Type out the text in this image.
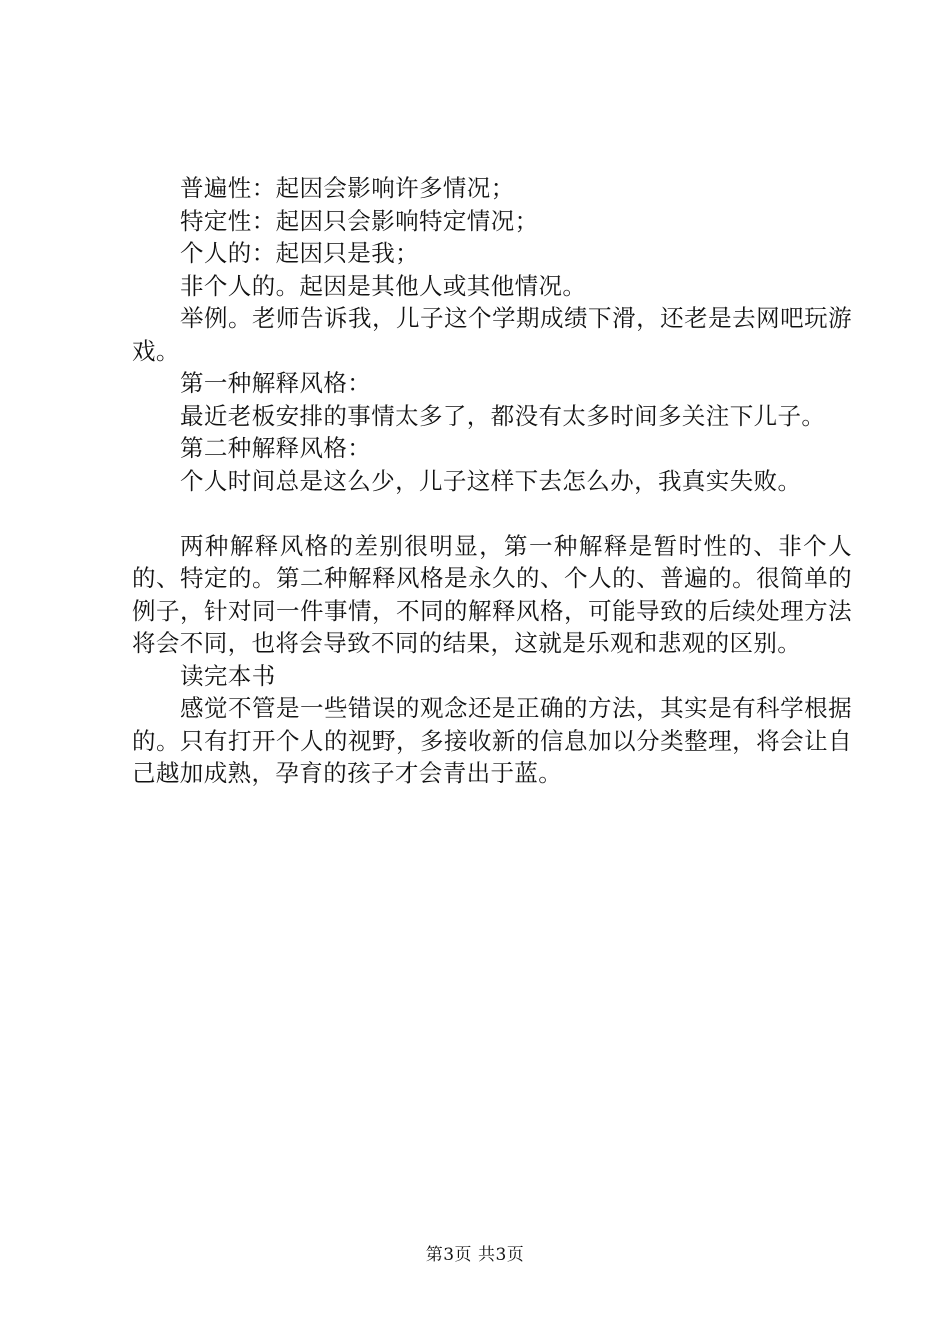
普遍性：起因会影响许多情况；

特定性：起因只会影响特定情况；

个人的：起因只是我；

非个人的。起因是其他人或其他情况。

举例。老师告诉我，儿子这个学期成绩下滑，还老是去网吧玩游戏。

第一种解释风格：

最近老板安排的事情太多了，都没有太多时间多关注下儿子。

第二种解释风格：

个人时间总是这么少，儿子这样下去怎么办，我真实失败。

两种解释风格的差别很明显，第一种解释是暂时性的、非个人的、特定的。第二种解释风格是永久的、个人的、普遍的。很简单的例子，针对同一件事情，不同的解释风格，可能导致的后续处理方法将会不同，也将会导致不同的结果，这就是乐观和悲观的区别。

读完本书

感觉不管是一些错误的观念还是正确的方法，其实是有科学根据的。只有打开个人的视野，多接收新的信息加以分类整理，将会让自己越加成熟，孕育的孩子才会青出于蓝。

第3页 共3页
